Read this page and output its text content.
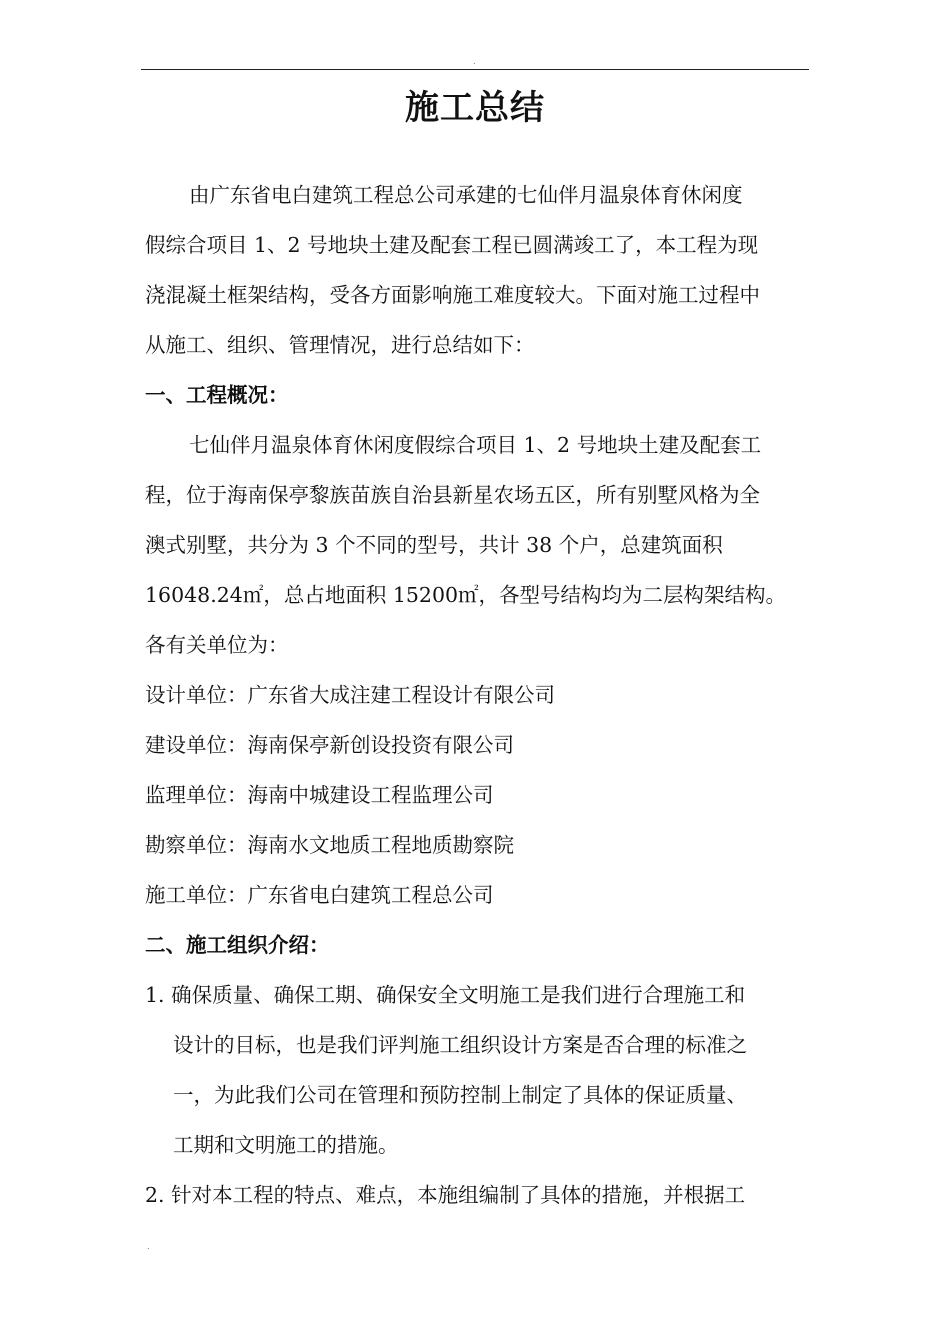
.
施工总结
由广东省电白建筑工程总公司承建的七仙伴月温泉体育休闲度
假综合项目 1、2 号地块土建及配套工程已圆满竣工了，本工程为现
浇混凝土框架结构，受各方面影响施工难度较大。下面对施工过程中
从施工、组织、管理情况，进行总结如下：
一、工程概况：
七仙伴月温泉体育休闲度假综合项目 1、2 号地块土建及配套工
程，位于海南保亭黎族苗族自治县新星农场五区，所有别墅风格为全
澳式别墅，共分为 3 个不同的型号，共计 38 个户，总建筑面积
16048.24㎡，总占地面积 15200㎡，各型号结构均为二层构架结构。
各有关单位为：
设计单位：广东省大成注建工程设计有限公司
建设单位：海南保亭新创设投资有限公司
监理单位：海南中城建设工程监理公司
勘察单位：海南水文地质工程地质勘察院
施工单位：广东省电白建筑工程总公司
二、施工组织介绍：
1. 确保质量、确保工期、确保安全文明施工是我们进行合理施工和
设计的目标，也是我们评判施工组织设计方案是否合理的标准之
一，为此我们公司在管理和预防控制上制定了具体的保证质量、
工期和文明施工的措施。
2. 针对本工程的特点、难点，本施组编制了具体的措施，并根据工
.
